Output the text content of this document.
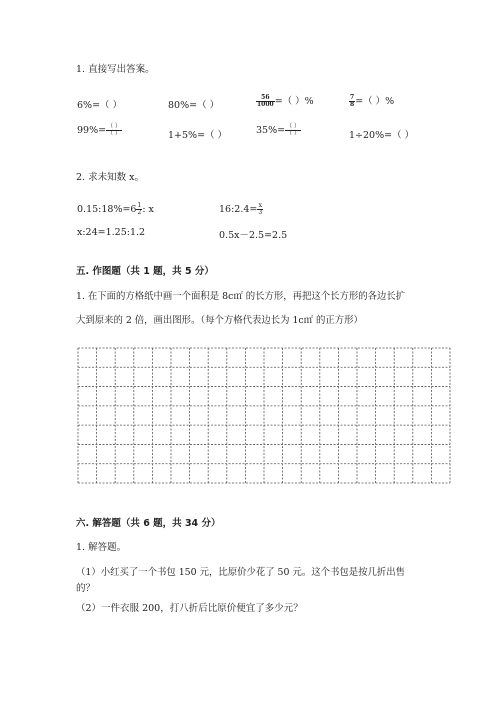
1. 直接写出答案。
6%=（ ）	80%=（ ）	$\frac{56}{1000}$ =（ ）%	$\frac{7}{8}$ =（ ）%
$99\%= \frac{( )}{( )}$	1+5%=（ ）	$35\%= \frac{( )}{( )}$	1÷20%=（ ）
2. 求未知数 x。
0.15:18%=6 $\frac{1}{2}$ : x	16:2.4= $\frac{x}{3}$
x:24=1.25:1.2	0.5x－2.5=2.5
五. 作图题（共 1 题，共 5 分）
1. 在下面的方格纸中画一个面积是 8c㎡ 的长方形，再把这个长方形的各边长扩
大到原来的 2 倍，画出图形。（每个方格代表边长为 1c㎡ 的正方形）
六. 解答题（共 6 题，共 34 分）
1. 解答题。
（1）小红买了一个书包 150 元，比原价少花了 50 元。这个书包是按几折出售
的？
（2）一件衣服 200，打八折后比原价便宜了多少元？
